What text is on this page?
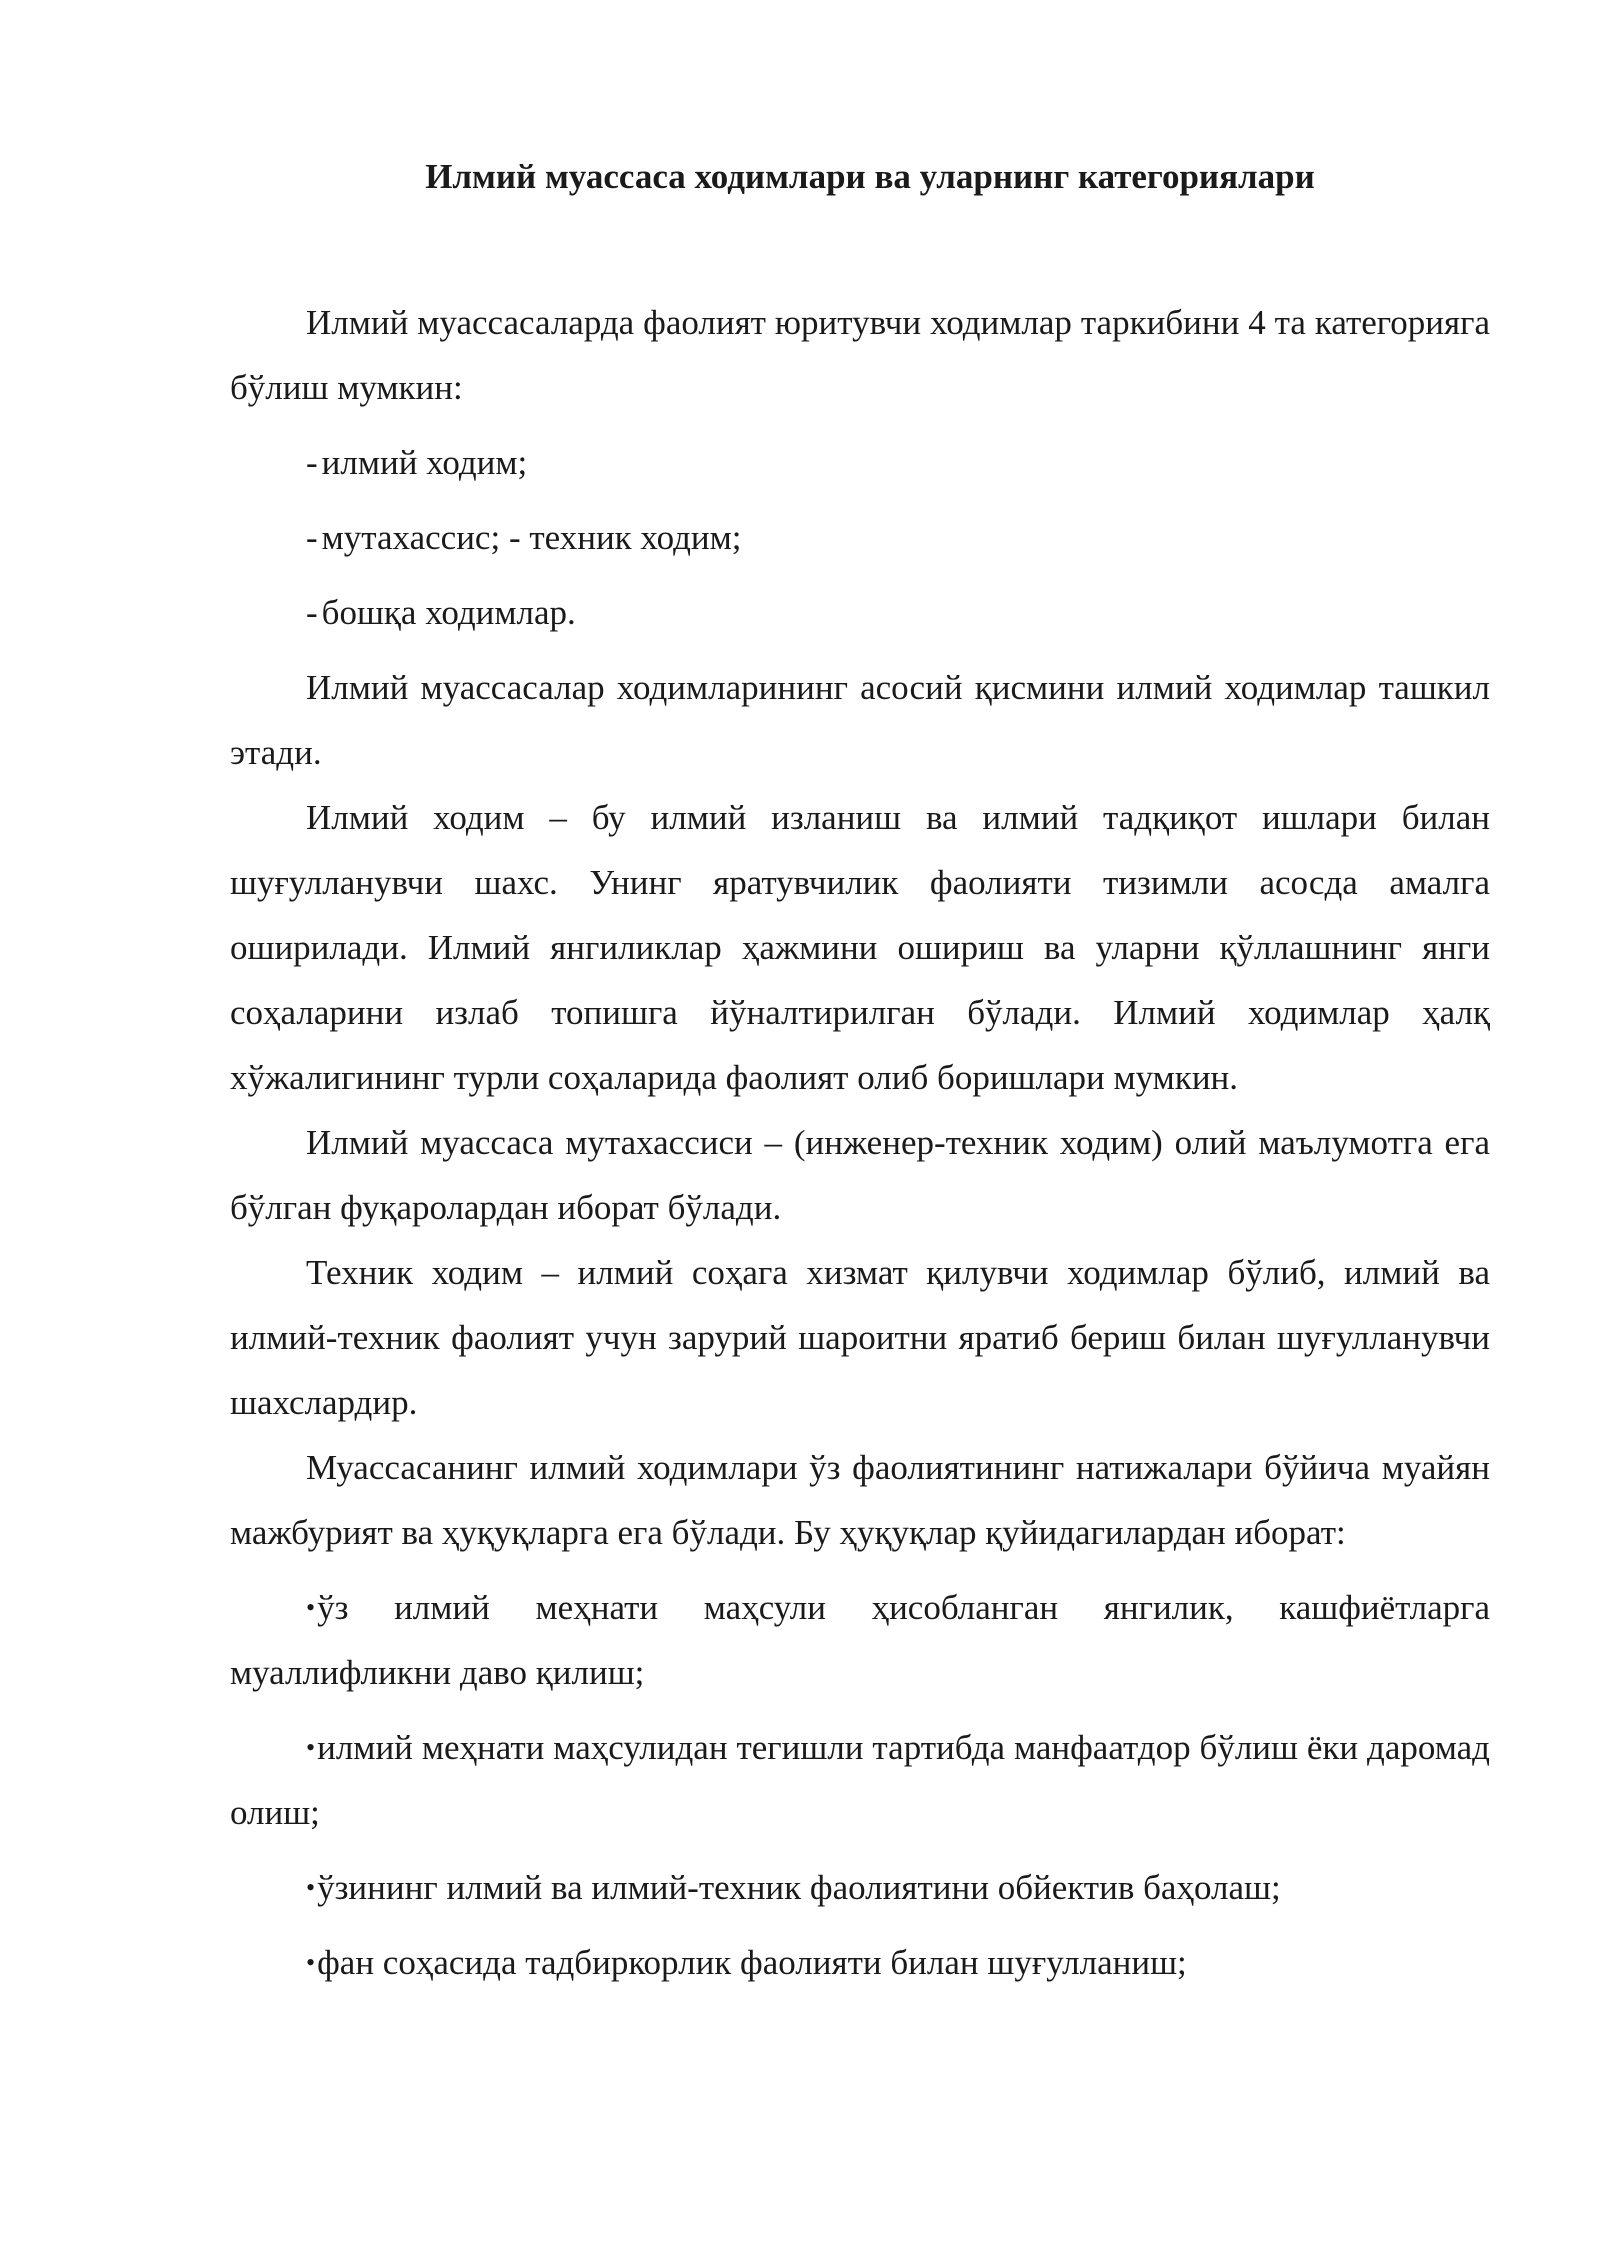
Илмий муассаса ходимлари ва уларнинг категориялари

Илмий муассасаларда фаолият юритувчи ходимлар таркибини 4 та категорияга бўлиш мумкин:

- илмий ходим;
- мутахассис; - техник ходим;
- бошқа ходимлар.

Илмий муассасалар ходимларининг асосий қисмини илмий ходимлар ташкил этади.

Илмий ходим – бу илмий изланиш ва илмий тадқиқот ишлари билан шуғулланувчи шахс. Унинг яратувчилик фаолияти тизимли асосда амалга оширилади. Илмий янгиликлар ҳажмини ошириш ва уларни қўллашнинг янги соҳаларини излаб топишга йўналтирилган бўлади. Илмий ходимлар ҳалқ хўжалигининг турли соҳаларида фаолият олиб боришлари мумкин.

Илмий муассаса мутахассиси – (инженер-техник ходим) олий маълумотга ега бўлган фуқаролардан иборат бўлади.

Техник ходим – илмий соҳага хизмат қилувчи ходимлар бўлиб, илмий ва илмий-техник фаолият учун зарурий шароитни яратиб бериш билан шуғулланувчи шахслардир.

Муассасанинг илмий ходимлари ўз фаолиятининг натижалари бўйича муайян мажбурият ва ҳуқуқларга ега бўлади. Бу ҳуқуқлар қуйидагилардан иборат:

•ўз илмий меҳнати маҳсули ҳисобланган янгилик, кашфиётларга муаллифликни даво қилиш;

•илмий меҳнати маҳсулидан тегишли тартибда манфаатдор бўлиш ёки даромад олиш;

•ўзининг илмий ва илмий-техник фаолиятини обйектив баҳолаш;

•фан соҳасида тадбиркорлик фаолияти билан шуғулланиш;
